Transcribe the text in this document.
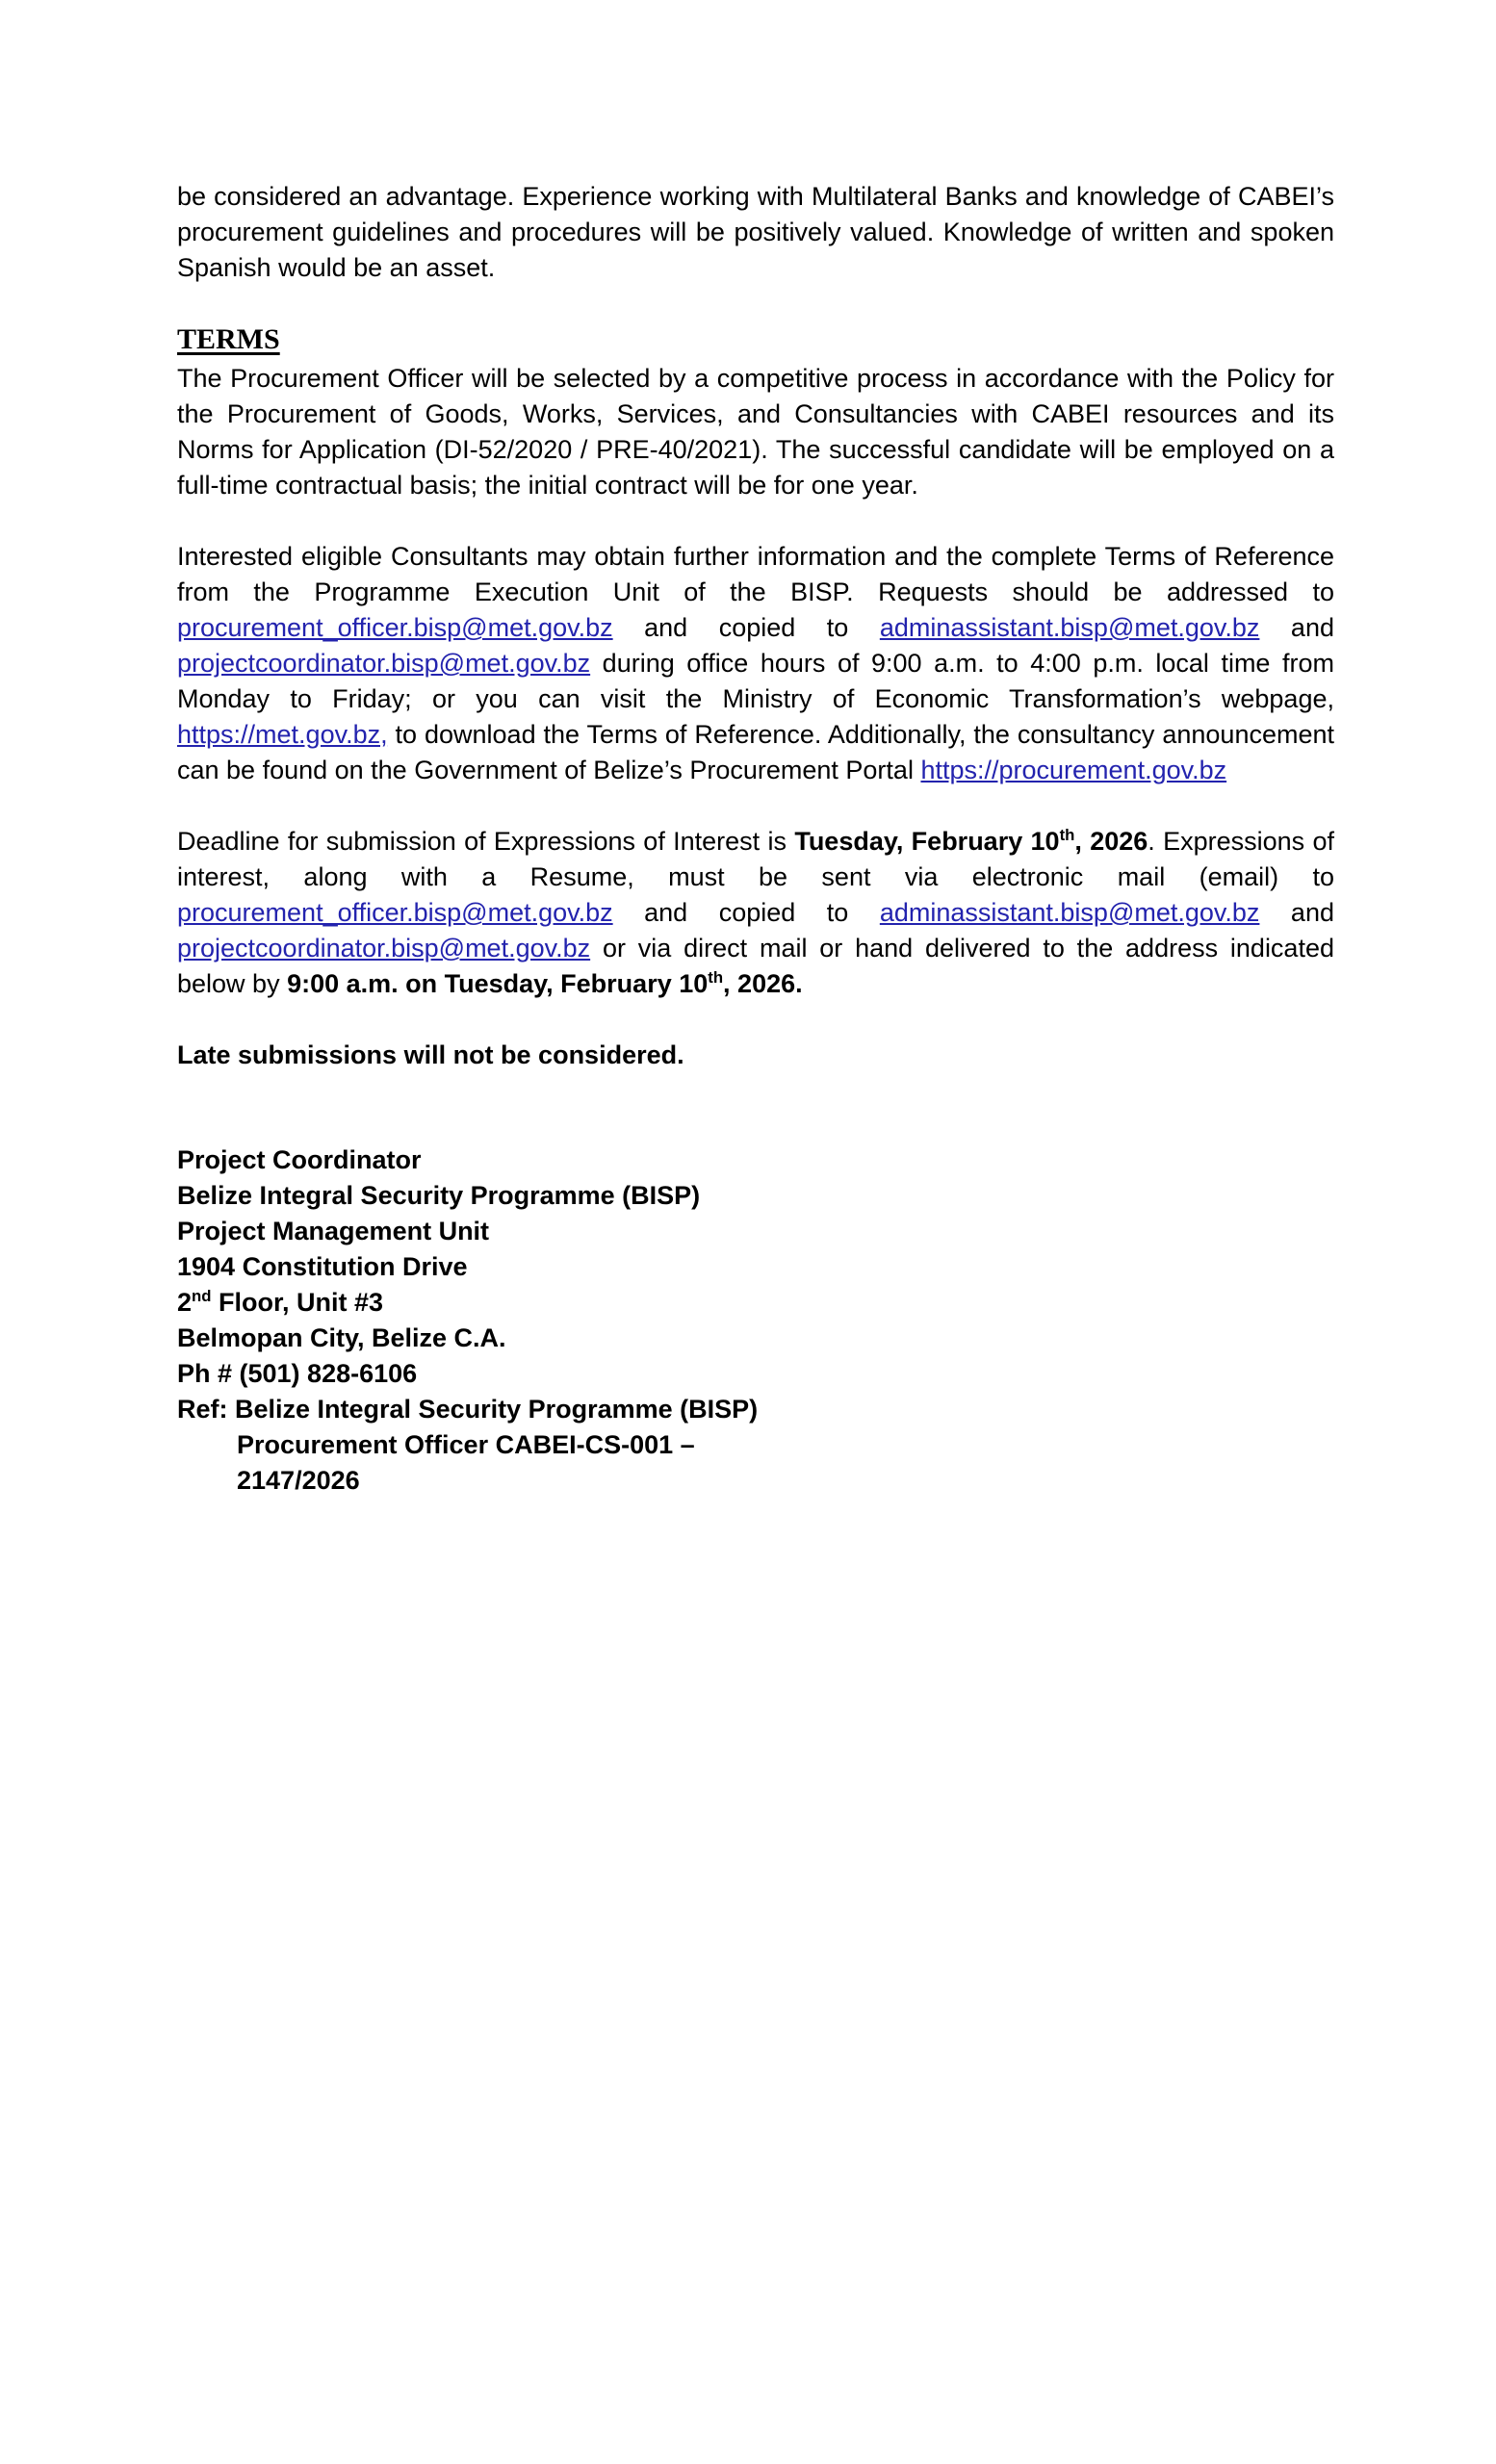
be considered an advantage. Experience working with Multilateral Banks and knowledge of CABEI’s procurement guidelines and procedures will be positively valued. Knowledge of written and spoken Spanish would be an asset.

TERMS

The Procurement Officer will be selected by a competitive process in accordance with the Policy for the Procurement of Goods, Works, Services, and Consultancies with CABEI resources and its Norms for Application (DI-52/2020 / PRE-40/2021). The successful candidate will be employed on a full-time contractual basis; the initial contract will be for one year.

Interested eligible Consultants may obtain further information and the complete Terms of Reference from the Programme Execution Unit of the BISP. Requests should be addressed to procurement_officer.bisp@met.gov.bz and copied to adminassistant.bisp@met.gov.bz and projectcoordinator.bisp@met.gov.bz during office hours of 9:00 a.m. to 4:00 p.m. local time from Monday to Friday; or you can visit the Ministry of Economic Transformation’s webpage, https://met.gov.bz, to download the Terms of Reference. Additionally, the consultancy announcement can be found on the Government of Belize’s Procurement Portal https://procurement.gov.bz

Deadline for submission of Expressions of Interest is Tuesday, February 10th, 2026. Expressions of interest, along with a Resume, must be sent via electronic mail (email) to procurement_officer.bisp@met.gov.bz and copied to adminassistant.bisp@met.gov.bz and projectcoordinator.bisp@met.gov.bz or via direct mail or hand delivered to the address indicated below by 9:00 a.m. on Tuesday, February 10th, 2026.

Late submissions will not be considered.

Project Coordinator
Belize Integral Security Programme (BISP)
Project Management Unit
1904 Constitution Drive
2nd Floor, Unit #3
Belmopan City, Belize C.A.
Ph # (501) 828-6106
Ref: Belize Integral Security Programme (BISP)
Procurement Officer CABEI-CS-001 –
2147/2026
